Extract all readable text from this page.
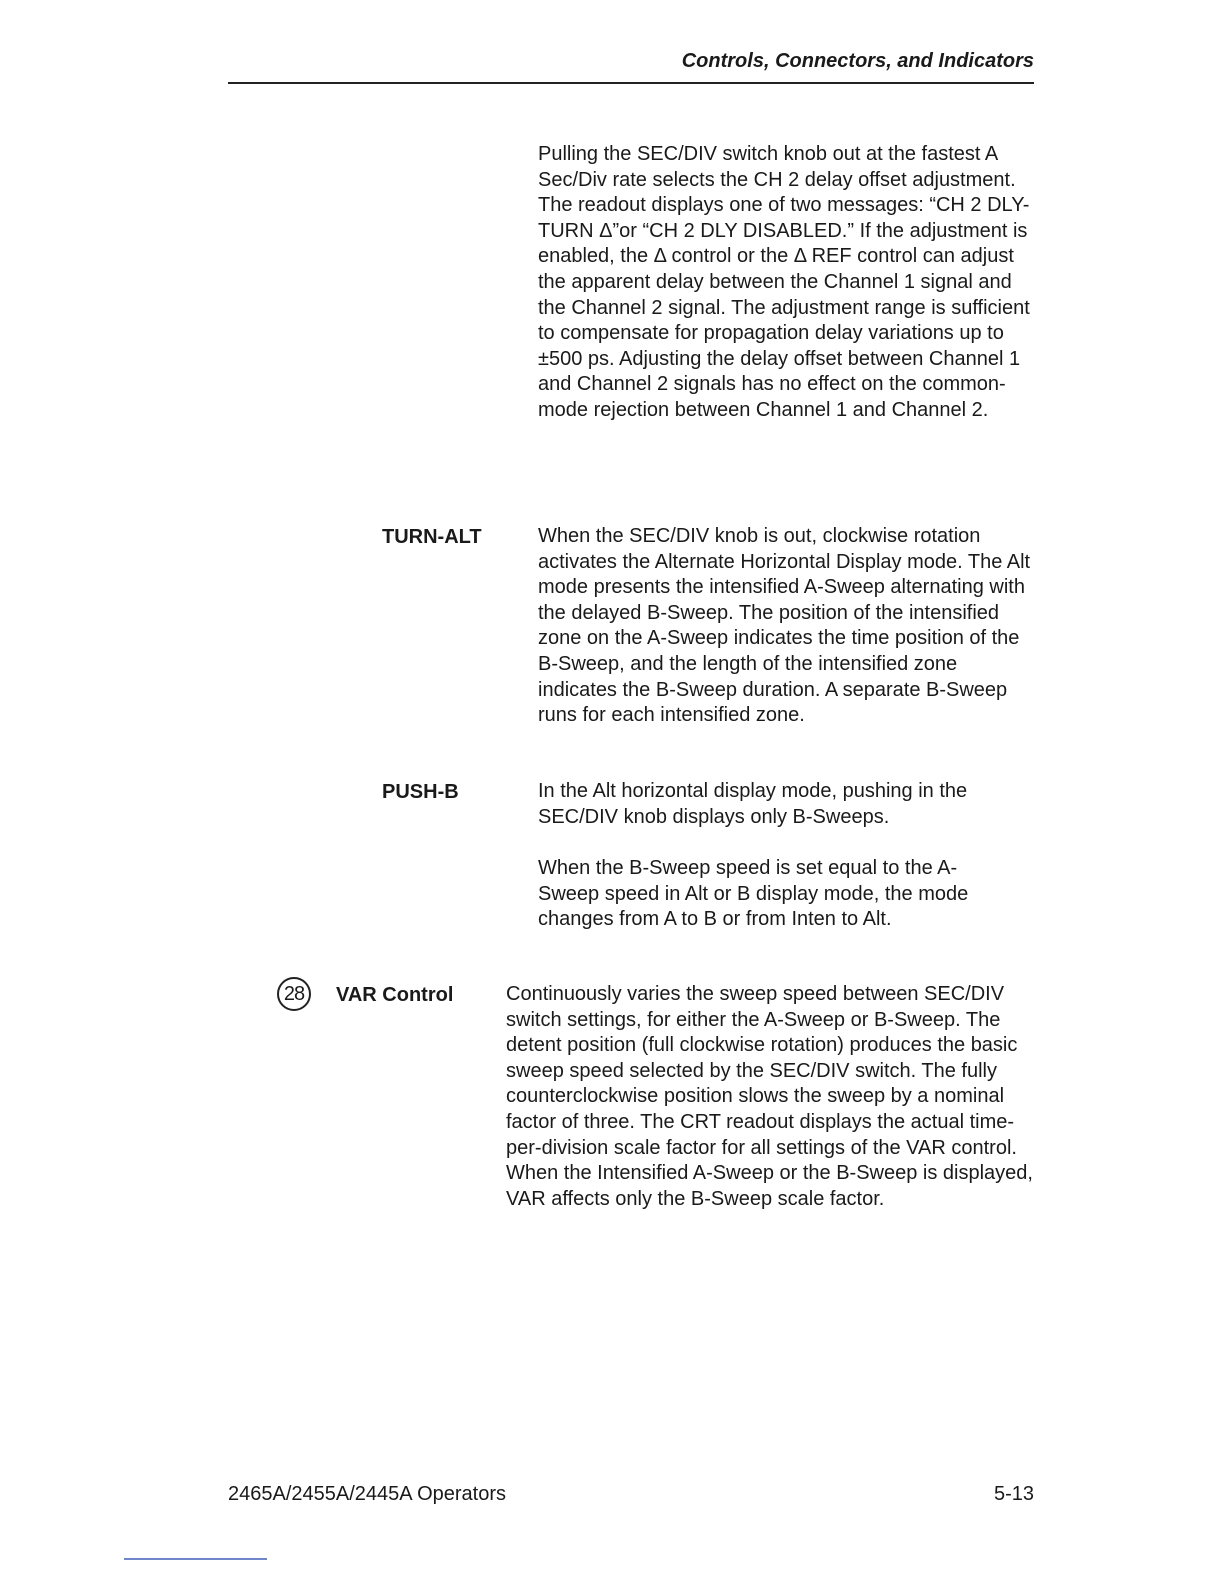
Controls, Connectors, and Indicators

Pulling the SEC/DIV switch knob out at the fastest A Sec/Div rate selects the CH 2 delay offset adjustment. The readout displays one of two messages: “CH 2 DLY-TURN Δ”or “CH 2 DLY DISABLED.” If the adjustment is enabled, the Δ control or the Δ REF control can adjust the apparent delay between the Channel 1 signal and the Channel 2 signal. The adjustment range is sufficient to compensate for propagation delay variations up to ±500 ps. Adjusting the delay offset between Channel 1 and Channel 2 signals has no effect on the common-mode rejection between Channel 1 and Channel 2.

TURN-ALT	When the SEC/DIV knob is out, clockwise rotation activates the Alternate Horizontal Display mode. The Alt mode presents the intensified A-Sweep alternating with the delayed B-Sweep. The position of the intensified zone on the A-Sweep indicates the time position of the B-Sweep, and the length of the intensified zone indicates the B-Sweep duration. A separate B-Sweep runs for each intensified zone.

PUSH-B	In the Alt horizontal display mode, pushing in the SEC/DIV knob displays only B-Sweeps.

When the B-Sweep speed is set equal to the A-Sweep speed in Alt or B display mode, the mode changes from A to B or from Inten to Alt.

28	VAR Control	Continuously varies the sweep speed between SEC/DIV switch settings, for either the A-Sweep or B-Sweep. The detent position (full clockwise rotation) produces the basic sweep speed selected by the SEC/DIV switch. The fully counterclockwise position slows the sweep by a nominal factor of three. The CRT readout displays the actual time-per-division scale factor for all settings of the VAR control. When the Intensified A-Sweep or the B-Sweep is displayed, VAR affects only the B-Sweep scale factor.

2465A/2455A/2445A Operators	5-13
